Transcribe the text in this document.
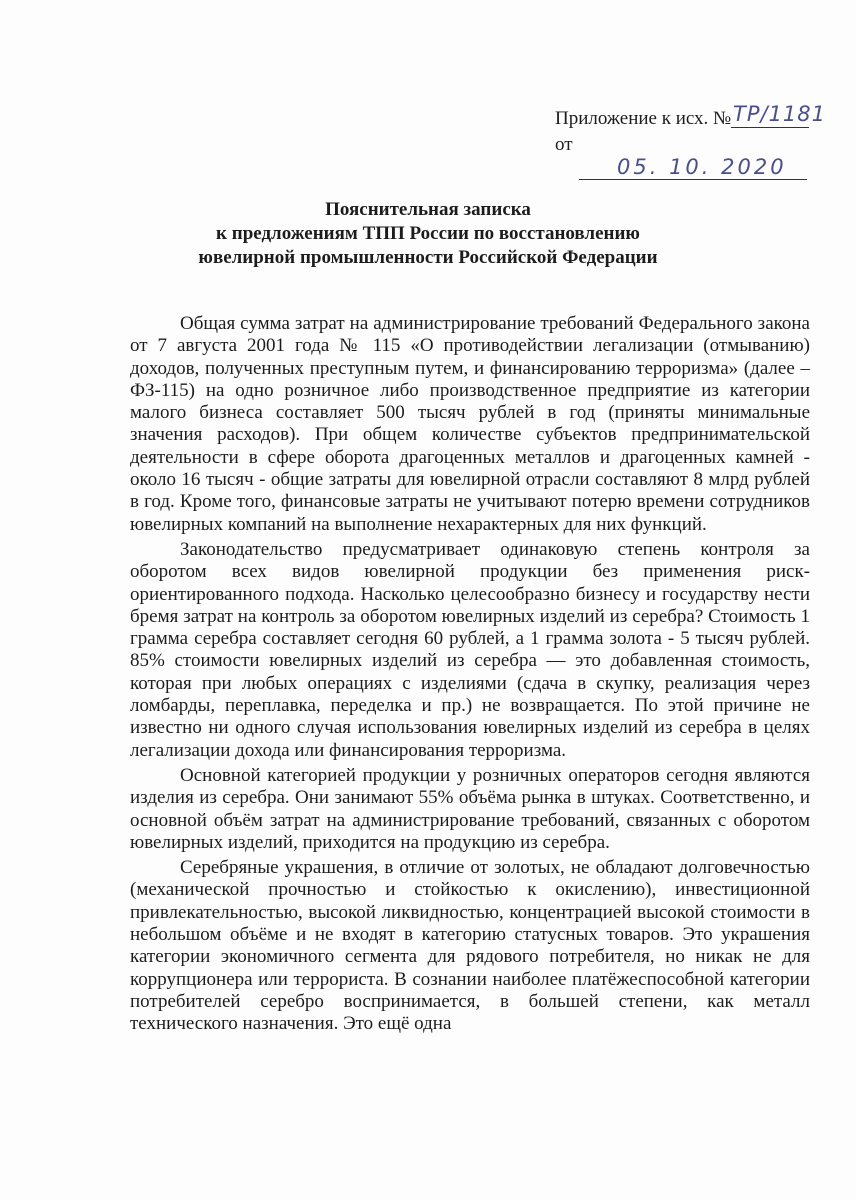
Приложение к исх. № ТР/1181
от
05. 10. 2020
Пояснительная записка
к предложениям ТПП России по восстановлению
ювелирной промышленности Российской Федерации

Общая сумма затрат на администрирование требований Федерального закона от 7 августа 2001 года № 115 «О противодействии легализации (отмыванию) доходов, полученных преступным путем, и финансированию терроризма» (далее – ФЗ-115) на одно розничное либо производственное предприятие из категории малого бизнеса составляет 500 тысяч рублей в год (приняты минимальные значения расходов). При общем количестве субъектов предпринимательской деятельности в сфере оборота драгоценных металлов и драгоценных камней - около 16 тысяч - общие затраты для ювелирной отрасли составляют 8 млрд рублей в год. Кроме того, финансовые затраты не учитывают потерю времени сотрудников ювелирных компаний на выполнение нехарактерных для них функций.

Законодательство предусматривает одинаковую степень контроля за оборотом всех видов ювелирной продукции без применения риск-ориентированного подхода. Насколько целесообразно бизнесу и государству нести бремя затрат на контроль за оборотом ювелирных изделий из серебра? Стоимость 1 грамма серебра составляет сегодня 60 рублей, а 1 грамма золота - 5 тысяч рублей. 85% стоимости ювелирных изделий из серебра — это добавленная стоимость, которая при любых операциях с изделиями (сдача в скупку, реализация через ломбарды, переплавка, переделка и пр.) не возвращается. По этой причине не известно ни одного случая использования ювелирных изделий из серебра в целях легализации дохода или финансирования терроризма.

Основной категорией продукции у розничных операторов сегодня являются изделия из серебра. Они занимают 55% объёма рынка в штуках. Соответственно, и основной объём затрат на администрирование требований, связанных с оборотом ювелирных изделий, приходится на продукцию из серебра.

Серебряные украшения, в отличие от золотых, не обладают долговечностью (механической прочностью и стойкостью к окислению), инвестиционной привлекательностью, высокой ликвидностью, концентрацией высокой стоимости в небольшом объёме и не входят в категорию статусных товаров. Это украшения категории экономичного сегмента для рядового потребителя, но никак не для коррупционера или террориста. В сознании наиболее платёжеспособной категории потребителей серебро воспринимается, в большей степени, как металл технического назначения. Это ещё одна
